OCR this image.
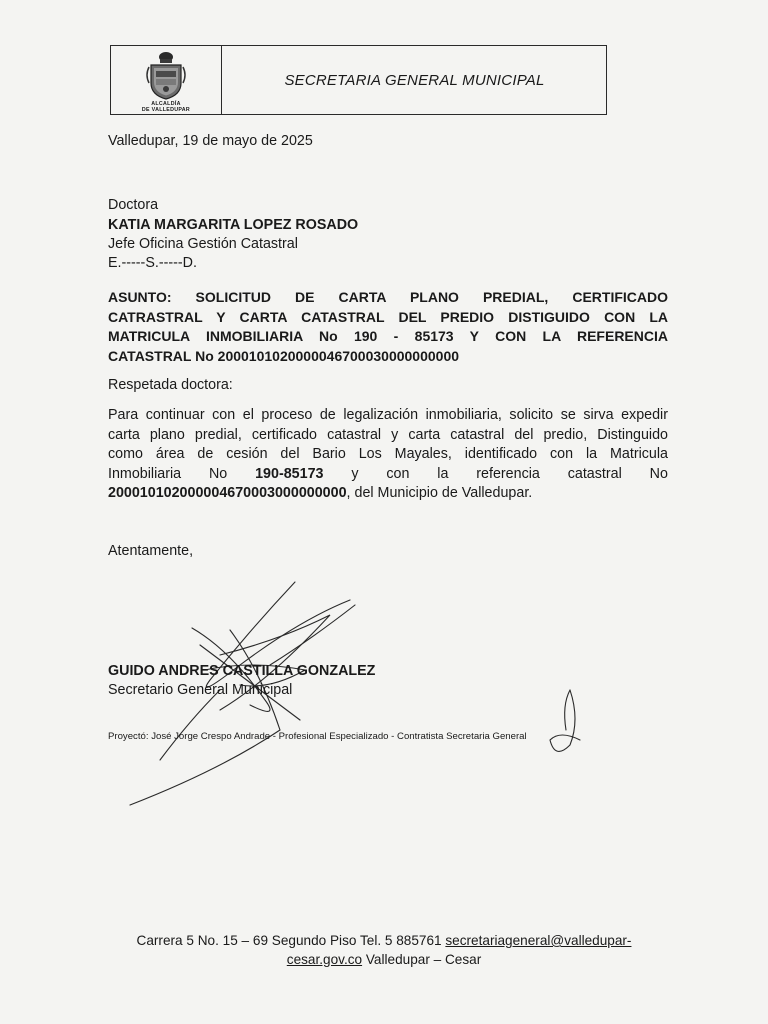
ALCALDÍA
DE VALLEDUPAR
SECRETARIA GENERAL MUNICIPAL
Valledupar, 19 de mayo de 2025
Doctora
KATIA MARGARITA LOPEZ ROSADO
Jefe Oficina Gestión Catastral
E.-----S.-----D.
ASUNTO: SOLICITUD DE CARTA PLANO PREDIAL, CERTIFICADO
CATRASTRAL Y CARTA CATASTRAL DEL PREDIO DISTIGUIDO CON LA
MATRICULA INMOBILIARIA No 190 - 85173 Y CON LA REFERENCIA
CATASTRAL No 2000101020000046700030000000000
Respetada doctora:
Para continuar con el proceso de legalización inmobiliaria, solicito se sirva expedir
carta plano predial, certificado catastral y carta catastral del predio, Distinguido
como área de cesión del Bario Los Mayales, identificado con la Matricula
Inmobiliaria No 190-85173 y con la referencia catastral No
200010102000004670003000000000, del Municipio de Valledupar.
Atentamente,
GUIDO ANDRES CASTILLA GONZALEZ
Secretario General Municipal
Proyectó: José Jorge Crespo Andrade - Profesional Especializado - Contratista Secretaria General
Carrera 5 No. 15 – 69 Segundo Piso Tel. 5 885761 secretariageneral@valledupar-
cesar.gov.co Valledupar – Cesar
